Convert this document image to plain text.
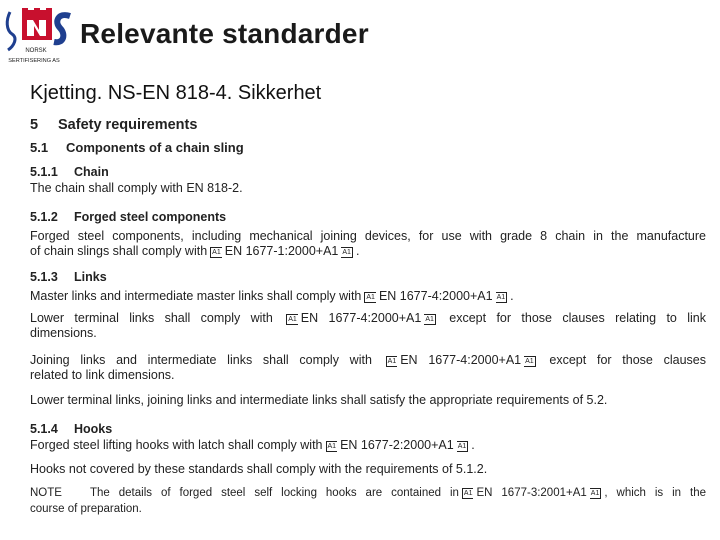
NORSK
SERTIFISERING AS
Relevante standarder
Kjetting. NS-EN 818-4. Sikkerhet
5 Safety requirements
5.1 Components of a chain sling
5.1.1 Chain
The chain shall comply with EN 818-2.
5.1.2 Forged steel components
Forged steel components, including mechanical joining devices, for use with grade 8 chain in the manufacture
of chain slings shall comply with A1 EN 1677-1:2000+A1 A1 .
5.1.3 Links
Master links and intermediate master links shall comply with A1 EN 1677-4:2000+A1 A1 .
Lower terminal links shall comply with A1 EN 1677-4:2000+A1 A1 except for those clauses relating to link
dimensions.
Joining links and intermediate links shall comply with A1 EN 1677-4:2000+A1 A1 except for those clauses
related to link dimensions.
Lower terminal links, joining links and intermediate links shall satisfy the appropriate requirements of 5.2.
5.1.4 Hooks
Forged steel lifting hooks with latch shall comply with A1 EN 1677-2:2000+A1 A1 .
Hooks not covered by these standards shall comply with the requirements of 5.1.2.
NOTE The details of forged steel self locking hooks are contained in A1 EN 1677-3:2001+A1 A1 , which is in the
course of preparation.
